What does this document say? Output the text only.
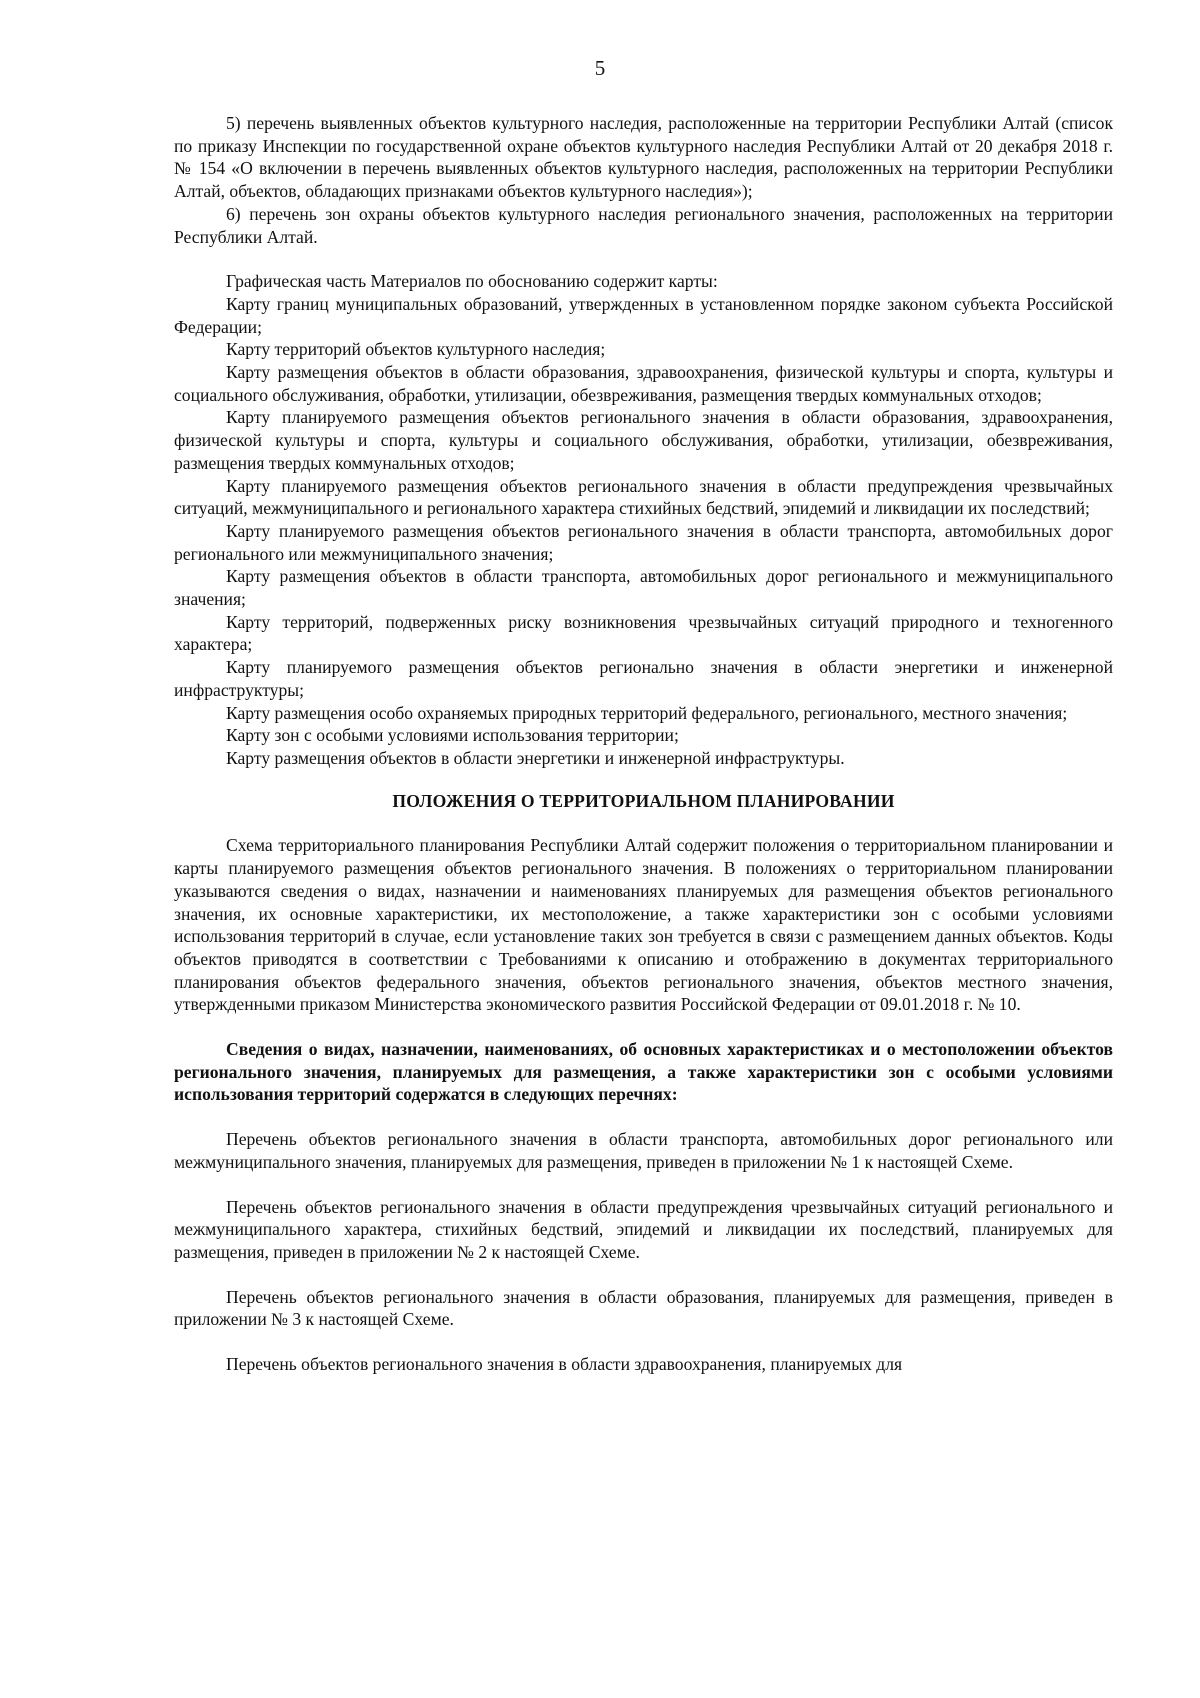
5

5) перечень выявленных объектов культурного наследия, расположенные на территории Республики Алтай (список по приказу Инспекции по государственной охране объектов культурного наследия Республики Алтай от 20 декабря 2018 г. № 154 «О включении в перечень выявленных объектов культурного наследия, расположенных на территории Республики Алтай, объектов, обладающих признаками объектов культурного наследия»);

6) перечень зон охраны объектов культурного наследия регионального значения, расположенных на территории Республики Алтай.

Графическая часть Материалов по обоснованию содержит карты:

Карту границ муниципальных образований, утвержденных в установленном порядке законом субъекта Российской Федерации;

Карту территорий объектов культурного наследия;

Карту размещения объектов в области образования, здравоохранения, физической культуры и спорта, культуры и социального обслуживания, обработки, утилизации, обезвреживания, размещения твердых коммунальных отходов;

Карту планируемого размещения объектов регионального значения в области образования, здравоохранения, физической культуры и спорта, культуры и социального обслуживания, обработки, утилизации, обезвреживания, размещения твердых коммунальных отходов;

Карту планируемого размещения объектов регионального значения в области предупреждения чрезвычайных ситуаций, межмуниципального и регионального характера стихийных бедствий, эпидемий и ликвидации их последствий;

Карту планируемого размещения объектов регионального значения в области транспорта, автомобильных дорог регионального или межмуниципального значения;

Карту размещения объектов в области транспорта, автомобильных дорог регионального и межмуниципального значения;

Карту территорий, подверженных риску возникновения чрезвычайных ситуаций природного и техногенного характера;

Карту планируемого размещения объектов регионально значения в области энергетики и инженерной инфраструктуры;

Карту размещения особо охраняемых природных территорий федерального, регионального, местного значения;

Карту зон с особыми условиями использования территории;

Карту размещения объектов в области энергетики и инженерной инфраструктуры.

ПОЛОЖЕНИЯ О ТЕРРИТОРИАЛЬНОМ ПЛАНИРОВАНИИ

Схема территориального планирования Республики Алтай содержит положения о территориальном планировании и карты планируемого размещения объектов регионального значения. В положениях о территориальном планировании указываются сведения о видах, назначении и наименованиях планируемых для размещения объектов регионального значения, их основные характеристики, их местоположение, а также характеристики зон с особыми условиями использования территорий в случае, если установление таких зон требуется в связи с размещением данных объектов. Коды объектов приводятся в соответствии с Требованиями к описанию и отображению в документах территориального планирования объектов федерального значения, объектов регионального значения, объектов местного значения, утвержденными приказом Министерства экономического развития Российской Федерации от 09.01.2018 г. № 10.

Сведения о видах, назначении, наименованиях, об основных характеристиках и о местоположении объектов регионального значения, планируемых для размещения, а также характеристики зон с особыми условиями использования территорий содержатся в следующих перечнях:

Перечень объектов регионального значения в области транспорта, автомобильных дорог регионального или межмуниципального значения, планируемых для размещения, приведен в приложении № 1 к настоящей Схеме.

Перечень объектов регионального значения в области предупреждения чрезвычайных ситуаций регионального и межмуниципального характера, стихийных бедствий, эпидемий и ликвидации их последствий, планируемых для размещения, приведен в приложении № 2 к настоящей Схеме.

Перечень объектов регионального значения в области образования, планируемых для размещения, приведен в приложении № 3 к настоящей Схеме.

Перечень объектов регионального значения в области здравоохранения, планируемых для
